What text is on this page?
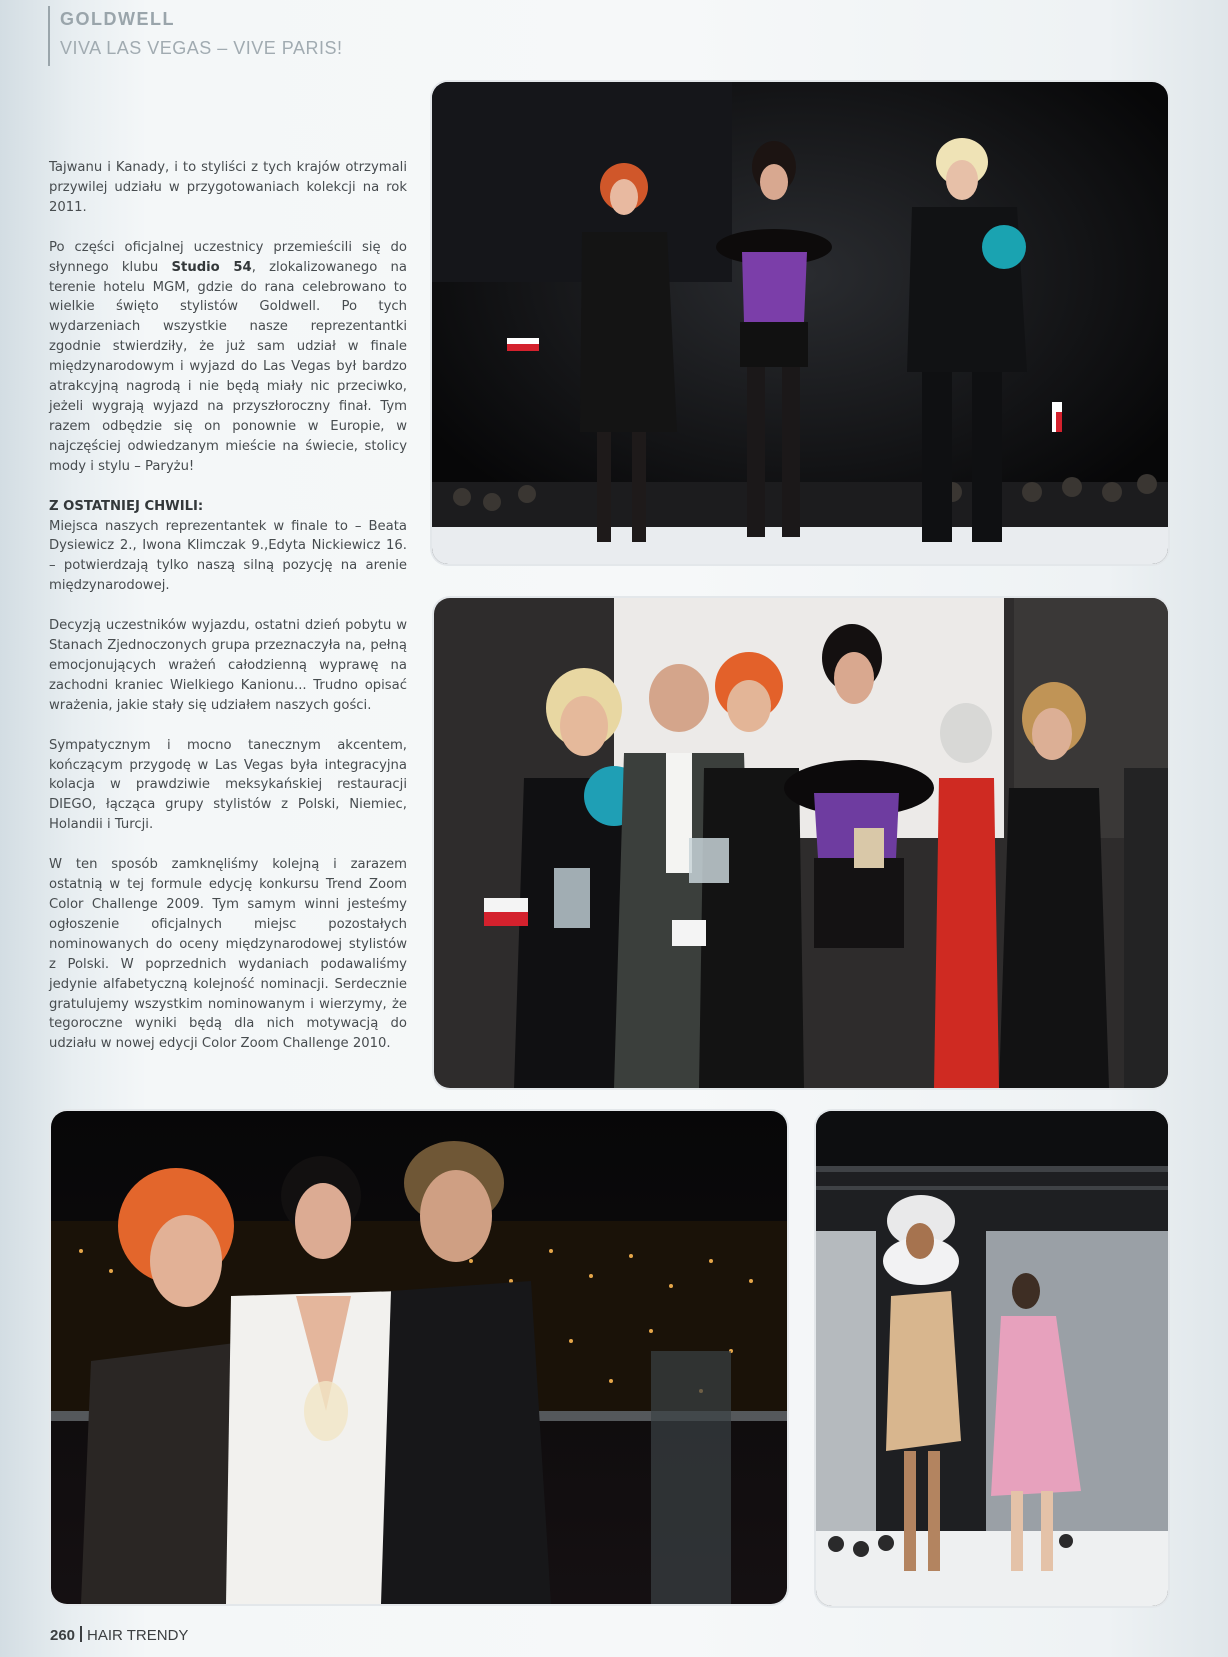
GOLDWELL
VIVA LAS VEGAS – VIVE PARIS!

Tajwanu i Kanady, i to styliści z tych krajów otrzymali przywilej udziału w przygotowaniach kolekcji na rok 2011.

Po części oficjalnej uczestnicy przemieścili się do słynnego klubu Studio 54, zlokalizowanego na terenie hotelu MGM, gdzie do rana celebrowano to wielkie święto stylistów Goldwell. Po tych wydarzeniach wszystkie nasze reprezentantki zgodnie stwierdziły, że już sam udział w finale międzynarodowym i wyjazd do Las Vegas był bardzo atrakcyjną nagrodą i nie będą miały nic przeciwko, jeżeli wygrają wyjazd na przyszłoroczny finał. Tym razem odbędzie się on ponownie w Europie, w najczęściej odwiedzanym mieście na świecie, stolicy mody i stylu – Paryżu!

Z OSTATNIEJ CHWILI:

Miejsca naszych reprezentantek w finale to – Beata Dysiewicz 2., Iwona Klimczak 9.,Edyta Nickiewicz 16. – potwierdzają tylko naszą silną pozycję na arenie międzynarodowej.

Decyzją uczestników wyjazdu, ostatni dzień pobytu w Stanach Zjednoczonych grupa przeznaczyła na, pełną emocjonujących wrażeń całodzienną wyprawę na zachodni kraniec Wielkiego Kanionu... Trudno opisać wrażenia, jakie stały się udziałem naszych gości.

Sympatycznym i mocno tanecznym akcentem, kończącym przygodę w Las Vegas była integracyjna kolacja w prawdziwie meksykańskiej restauracji DIEGO, łącząca grupy stylistów z Polski, Niemiec, Holandii i Turcji.

W ten sposób zamknęliśmy kolejną i zarazem ostatnią w tej formule edycję konkursu Trend Zoom Color Challenge 2009. Tym samym winni jesteśmy ogłoszenie oficjalnych miejsc pozostałych nominowanych do oceny międzynarodowej stylistów z Polski. W poprzednich wydaniach podawaliśmy jedynie alfabetyczną kolejność nominacji. Serdecznie gratulujemy wszystkim nominowanym i wierzymy, że tegoroczne wyniki będą dla nich motywacją do udziału w nowej edycji Color Zoom Challenge 2010.

260 HAIR TRENDY
